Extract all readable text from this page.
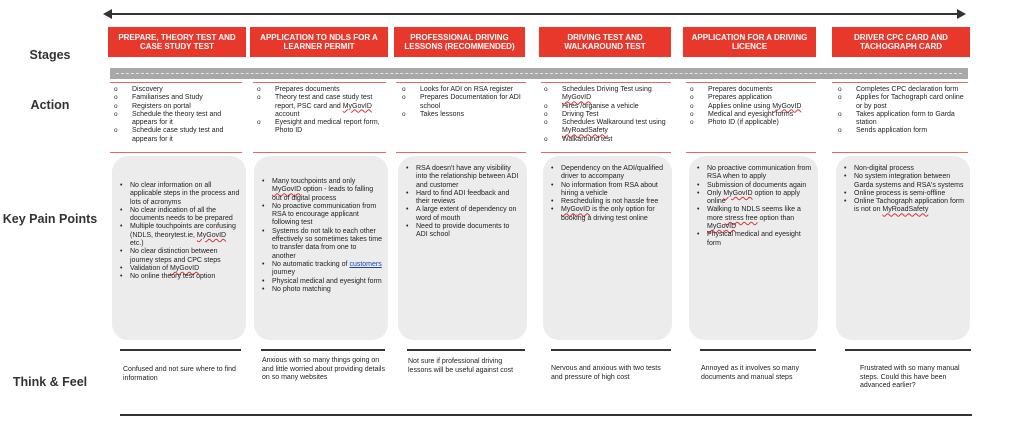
Stages
Action
Key Pain Points
Think & Feel
PREPARE, THEORY TEST AND CASE STUDY TEST
APPLICATION TO NDLS FOR A LEARNER PERMIT
PROFESSIONAL DRIVING LESSONS (RECOMMENDED)
DRIVING TEST AND WALKAROUND TEST
APPLICATION FOR A DRIVING LICENCE
DRIVER CPC CARD AND TACHOGRAPH CARD
o Discovery
o Familiarises and Study
o Registers on portal
o Schedule the theory test and appears for it
o Schedule case study test and appears for it
o Prepares documents
o Theory test and case study test report, PSC card and MyGovID account
o Eyesight and medical report form, Photo ID
o Looks for ADI on RSA register
o Prepares Documentation for ADI school
o Takes lessons
o Schedules Driving Test using MyGovID
o Hires /organise a vehicle
o Driving Test
o Schedules Walkaround test using MyRoadSafety
o Walkaround test
o Prepares documents
o Prepares application
o Applies online using MyGovID
o Medical and eyesight forms
o Photo ID (if applicable)
o Completes CPC declaration form
o Applies for Tachograph card online or by post
o Takes application form to Garda station
o Sends application form
• No clear information on all applicable steps in the process and lots of acronyms
• No clear indication of all the documents needs to be prepared
• Multiple touchpoints are confusing (NDLS, theorytest.ie, MyGovID etc.)
• No clear distinction between journey steps and CPC steps
• Validation of MyGovID
• No online theory test option
• Many touchpoints and only MyGovID option - leads to falling out of digital process
• No proactive communication from RSA to encourage applicant following test
• Systems do not talk to each other effectively so sometimes takes time to transfer data from one to another
• No automatic tracking of customers journey
• Physical medical and eyesight form
• No photo matching
• RSA doesn't have any visibility into the relationship between ADI and customer
• Hard to find ADI feedback and their reviews
• A large extent of dependency on word of mouth
• Need to provide documents to ADI school
• Dependency on the ADI/qualified driver to accompany
• No information from RSA about hiring a vehicle
• Rescheduling is not hassle free
• MyGovID is the only option for booking a driving test online
• No proactive communication from RSA when to apply
• Submission of documents again
• Only MyGovID option to apply online
• Walking to NDLS seems like a more stress free option than MyGovID
• Physical medical and eyesight form
• Non-digital process
• No system integration between Garda systems and RSA's systems
• Online process is semi-offline
• Online Tachograph application form is not on MyRoadSafety
Confused and not sure where to find information
Anxious with so many things going on and little worried about providing details on so many websites
Not sure if professional driving lessons will be useful against cost	Nervous and anxious with two tests and pressure of high cost
Annoyed as it involves so many documents and manual steps
Frustrated with so many manual steps. Could this have been advanced earlier?
